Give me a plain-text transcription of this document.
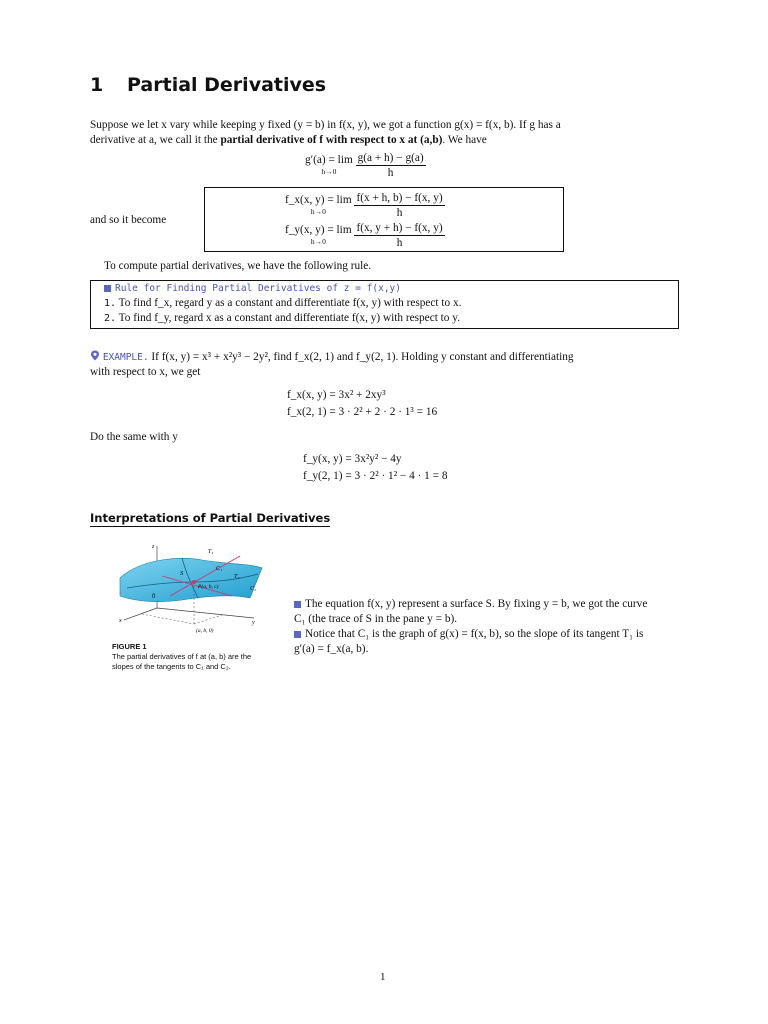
1 Partial Derivatives
Suppose we let x vary while keeping y fixed (y = b) in f(x, y), we got a function g(x) = f(x, b). If g has a
derivative at a, we call it the partial derivative of f with respect to x at (a,b). We have
g′(a) = lim
h→0
	$\frac{g(a + h) - g(a)}{h}$
and so it become
f_x(x, y) = lim
h→0
	$\frac{f(x + h, b) - f(x, y)}{h}$
f_y(x, y) = lim
h→0
	$\frac{f(x, y + h) - f(x, y)}{h}$
To compute partial derivatives, we have the following rule.
Rule for Finding Partial Derivatives of z = f(x,y)
1. To find f_x, regard y as a constant and differentiate f(x, y) with respect to x.
2. To find f_y, regard x as a constant and differentiate f(x, y) with respect to y.
EXAMPLE. If f(x, y) = x³ + x²y³ − 2y², find f_x(2, 1) and f_y(2, 1). Holding y constant and differentiating
with respect to x, we get
f_x(x, y) = 3x² + 2xy³
f_x(2, 1) = 3 · 2² + 2 · 2 · 1³ = 16
Do the same with y
f_y(x, y) = 3x²y² − 4y
f_y(2, 1) = 3 · 2² · 1² − 4 · 1 = 8
Interpretations of Partial Derivatives
z
x	y
0
S
T₁
T₂
C₁
C₂
P(a, b, c)
(a, b, 0)
FIGURE 1
The partial derivatives of f at (a, b) are the slopes of the tangents to C₁ and C₂.
The equation f(x, y) represent a surface S. By fixing y = b, we got the curve C₁ (the trace of S in the pane y = b).
Notice that C₁ is the graph of g(x) = f(x, b), so the slope of its tangent T₁ is g′(a) = f_x(a, b).
1
